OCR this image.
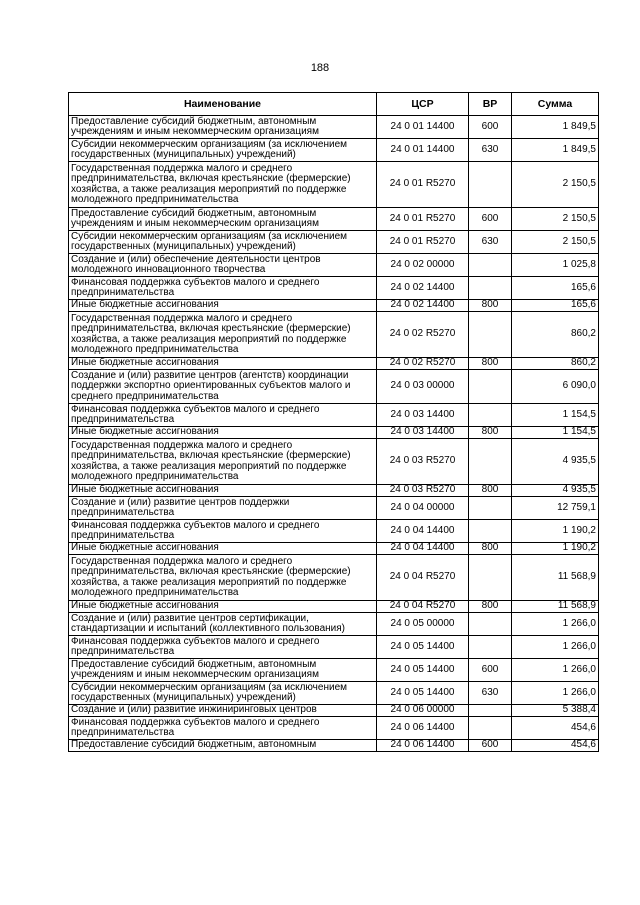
188
Наименование	ЦСР	ВР	Сумма
Предоставление субсидий бюджетным, автономным учреждениям и иным некоммерческим организациям	24 0 01 14400	600	1 849,5
Субсидии некоммерческим организациям (за исключением государственных (муниципальных) учреждений)	24 0 01 14400	630	1 849,5
Государственная поддержка малого и среднего предпринимательства, включая крестьянские (фермерские) хозяйства, а также реализация мероприятий по поддержке молодежного предпринимательства	24 0 01 R5270		2 150,5
Предоставление субсидий бюджетным, автономным учреждениям и иным некоммерческим организациям	24 0 01 R5270	600	2 150,5
Субсидии некоммерческим организациям (за исключением государственных (муниципальных) учреждений)	24 0 01 R5270	630	2 150,5
Создание и (или) обеспечение деятельности центров молодежного инновационного творчества	24 0 02 00000		1 025,8
Финансовая поддержка субъектов малого и среднего предпринимательства	24 0 02 14400		165,6
Иные бюджетные ассигнования	24 0 02 14400	800	165,6
Государственная поддержка малого и среднего предпринимательства, включая крестьянские (фермерские) хозяйства, а также реализация мероприятий по поддержке молодежного предпринимательства	24 0 02 R5270		860,2
Иные бюджетные ассигнования	24 0 02 R5270	800	860,2
Создание и (или) развитие центров (агентств) координации поддержки экспортно ориентированных субъектов малого и среднего предпринимательства	24 0 03 00000		6 090,0
Финансовая поддержка субъектов малого и среднего предпринимательства	24 0 03 14400		1 154,5
Иные бюджетные ассигнования	24 0 03 14400	800	1 154,5
Государственная поддержка малого и среднего предпринимательства, включая крестьянские (фермерские) хозяйства, а также реализация мероприятий по поддержке молодежного предпринимательства	24 0 03 R5270		4 935,5
Иные бюджетные ассигнования	24 0 03 R5270	800	4 935,5
Создание и (или) развитие центров поддержки предпринимательства	24 0 04 00000		12 759,1
Финансовая поддержка субъектов малого и среднего предпринимательства	24 0 04 14400		1 190,2
Иные бюджетные ассигнования	24 0 04 14400	800	1 190,2
Государственная поддержка малого и среднего предпринимательства, включая крестьянские (фермерские) хозяйства, а также реализация мероприятий по поддержке молодежного предпринимательства	24 0 04 R5270		11 568,9
Иные бюджетные ассигнования	24 0 04 R5270	800	11 568,9
Создание и (или) развитие центров сертификации, стандартизации и испытаний (коллективного пользования)	24 0 05 00000		1 266,0
Финансовая поддержка субъектов малого и среднего предпринимательства	24 0 05 14400		1 266,0
Предоставление субсидий бюджетным, автономным учреждениям и иным некоммерческим организациям	24 0 05 14400	600	1 266,0
Субсидии некоммерческим организациям (за исключением государственных (муниципальных) учреждений)	24 0 05 14400	630	1 266,0
Создание и (или) развитие инжиниринговых центров	24 0 06 00000		5 388,4
Финансовая поддержка субъектов малого и среднего предпринимательства	24 0 06 14400		454,6
Предоставление субсидий бюджетным, автономным	24 0 06 14400	600	454,6
